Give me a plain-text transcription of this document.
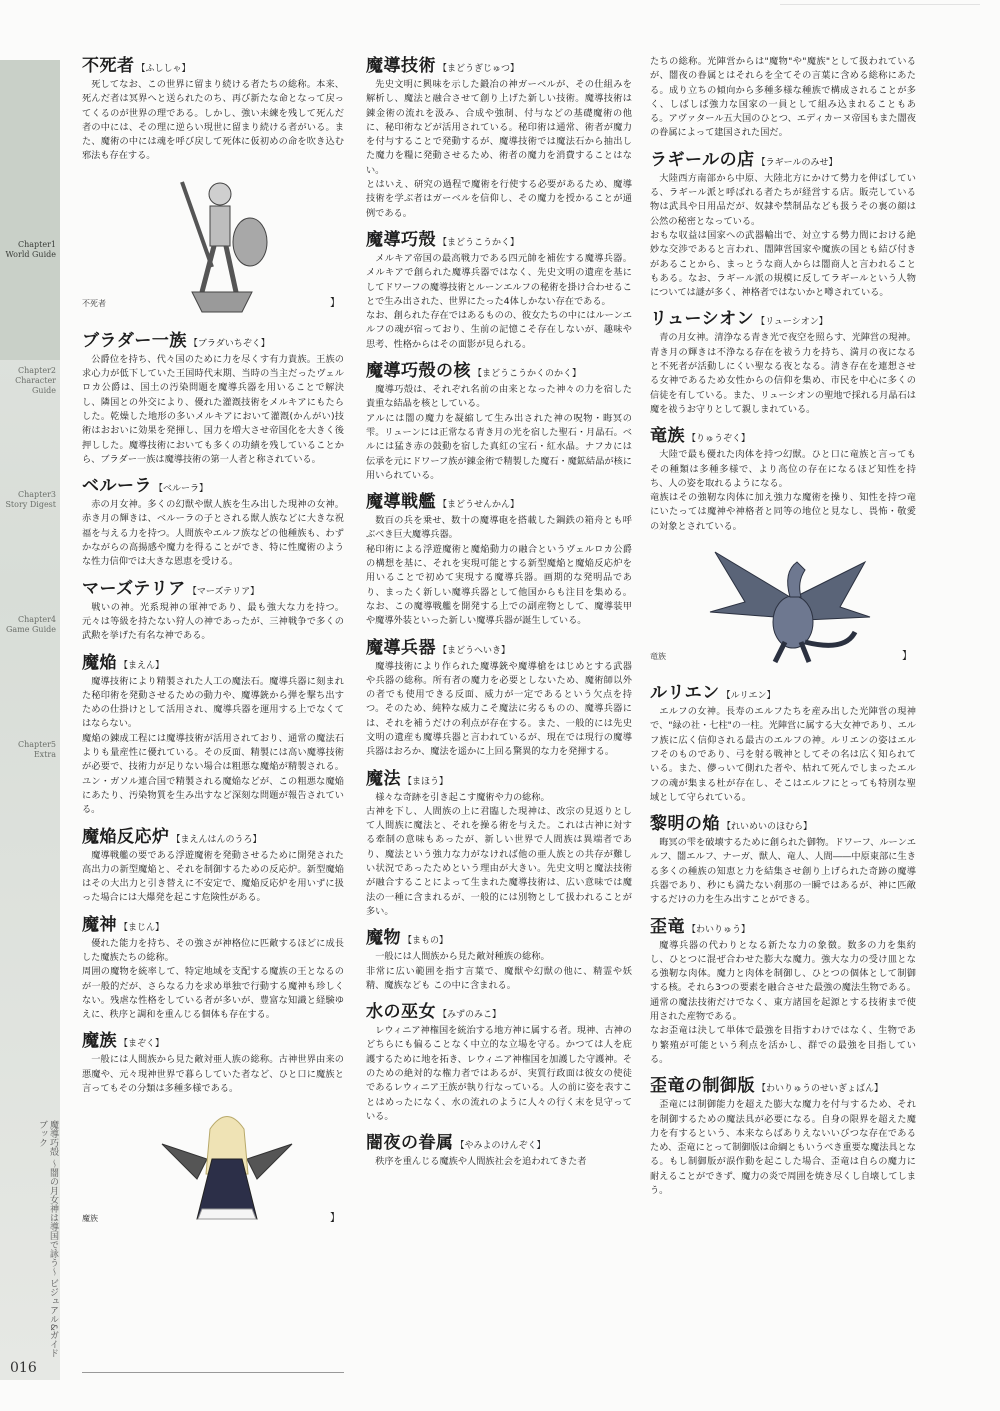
Chapter1
World Guide
Chapter2
Character Guide
Chapter3
Story Digest
Chapter4
Game Guide
Chapter5
Extra
魔導巧殻 〜闇の月女神は導国で詠う〜 ビジュアル&ガイドブック
016
不死者 【ふししゃ】

死してなお、この世界に留まり続ける者たちの総称。本来、死んだ者は冥界へと送られたのち、再び新たな命となって戻ってくるのが世界の理である。しかし、強い未練を残して死んだ者の中には、その理に逆らい現世に留まり続ける者がいる。また、魔術の中には魂を呼び戻して死体に仮初めの命を吹き込む邪法も存在する。

不死者	】
ブラダー一族 【ブラダいちぞく】

公爵位を持ち、代々国のために力を尽くす有力貴族。王族の求心力が低下していた王国時代末期、当時の当主だったヴェルロカ公爵は、国土の汚染問題を魔導兵器を用いることで解決し、隣国との外交により、優れた灌漑技術をメルキアにもたらした。乾燥した地形の多いメルキアにおいて灌漑(かんがい)技術はおおいに効果を発揮し、国力を増大させ帝国化を大きく後押しした。魔導技術においても多くの功績を残していることから、ブラダー一族は魔導技術の第一人者と称されている。

ベルーラ 【ベルーラ】

赤の月女神。多くの幻獣や獣人族を生み出した現神の女神。赤き月の輝きは、ベルーラの子とされる獣人族などに大きな祝福を与える力を持つ。人間族やエルフ族などの他種族も、わずかながらの高揚感や魔力を得ることができ、特に性魔術のような性力信仰では大きな恩恵を受ける。

マーズテリア 【マーズテリア】

戦いの神。光系現神の軍神であり、最も強大な力を持つ。元々は等級を持たない狩人の神であったが、三神戦争で多くの武勲を挙げた有名な神である。

魔焔 【まえん】

魔導技術により精製された人工の魔法石。魔導兵器に刻まれた秘印術を発動させるための動力や、魔導銃から弾を撃ち出すための仕掛けとして活用され、魔導兵器を運用する上でなくてはならない。
魔焔の錬成工程には魔導技術が活用されており、通常の魔法石よりも量産性に優れている。その反面、精製には高い魔導技術が必要で、技術力が足りない場合は粗悪な魔焔が精製される。ユン・ガソル連合国で精製される魔焔などが、この粗悪な魔焔にあたり、汚染物質を生み出すなど深刻な問題が報告されている。

魔焔反応炉 【まえんはんのうろ】

魔導戦艦の要である浮遊魔術を発動させるために開発された高出力の新型魔焔と、それを制御するための反応炉。新型魔焔はその大出力と引き替えに不安定で、魔焔反応炉を用いずに扱った場合には大爆発を起こす危険性がある。

魔神 【まじん】

優れた能力を持ち、その強さが神格位に匹敵するほどに成長した魔族たちの総称。
周囲の魔物を統率して、特定地域を支配する魔族の王となるのが一般的だが、さらなる力を求め単独で行動する魔神も珍しくない。残虐な性格をしている者が多いが、豊富な知識と経験ゆえに、秩序と調和を重んじる個体も存在する。

魔族 【まぞく】

一般には人間族から見た敵対亜人族の総称。古神世界由来の悪魔や、元々現神世界で暮らしていた者など、ひと口に魔族と言ってもその分類は多種多様である。

魔族	】
魔導技術 【まどうぎじゅつ】

先史文明に興味を示した鍛冶の神ガーベルが、その仕組みを解析し、魔法と融合させて創り上げた新しい技術。魔導技術は錬金術の流れを汲み、合成や強制、付与などの基礎魔術の他に、秘印術などが活用されている。秘印術は通常、術者が魔力を付与することで発動するが、魔導技術では魔法石から抽出した魔力を糧に発動させるため、術者の魔力を消費することはない。
とはいえ、研究の過程で魔術を行使する必要があるため、魔導技術を学ぶ者はガーベルを信仰し、その魔力を授かることが通例である。

魔導巧殻 【まどうこうかく】

メルキア帝国の最高戦力である四元帥を補佐する魔導兵器。メルキアで創られた魔導兵器ではなく、先史文明の遺産を基にしてドワーフの魔導技術とルーンエルフの秘術を掛け合わせることで生み出された、世界にたった4体しかない存在である。
なお、創られた存在ではあるものの、彼女たちの中にはルーンエルフの魂が宿っており、生前の記憶こそ存在しないが、趣味や思考、性格からはその面影が見られる。

魔導巧殻の核 【まどうこうかくのかく】

魔導巧殻は、それぞれ名前の由来となった神々の力を宿した貴重な結晶を核としている。
アルには闇の魔力を凝縮して生み出された神の呪物・晦冥の雫。リューンには正常なる青き月の光を宿した聖石・月晶石。ベルには猛き赤の鼓動を宿した真紅の宝石・紅水晶。ナフカには伝承を元にドワーフ族が錬金術で精製した魔石・魔鉱結晶が核に用いられている。

魔導戦艦 【まどうせんかん】

数百の兵を乗せ、数十の魔導砲を搭載した鋼鉄の箱舟とも呼ぶべき巨大魔導兵器。
秘印術による浮遊魔術と魔焔動力の融合というヴェルロカ公爵の構想を基に、それを実現可能とする新型魔焔と魔焔反応炉を用いることで初めて実現する魔導兵器。画期的な発明品であり、まったく新しい魔導兵器として他国からも注目を集める。なお、この魔導戦艦を開発する上での副産物として、魔導装甲や魔導外装といった新しい魔導兵器が誕生している。

魔導兵器 【まどうへいき】

魔導技術により作られた魔導銃や魔導槍をはじめとする武器や兵器の総称。所有者の魔力を必要としないため、魔術師以外の者でも使用できる反面、威力が一定であるという欠点を持つ。そのため、純粋な威力こそ魔法に劣るものの、魔導兵器には、それを補うだけの利点が存在する。また、一般的には先史文明の遺産も魔導兵器と言われているが、現在では現行の魔導兵器はおろか、魔法を遥かに上回る驚異的な力を発揮する。

魔法 【まほう】

様々な奇跡を引き起こす魔術や力の総称。
古神を下し、人間族の上に君臨した現神は、改宗の見返りとして人間族に魔法と、それを操る術を与えた。これは古神に対する牽制の意味もあったが、新しい世界で人間族は異端者であり、魔法という強力な力がなければ他の亜人族との共存が難しい状況であったためという理由が大きい。先史文明と魔法技術が融合することによって生まれた魔導技術は、広い意味では魔法の一種に含まれるが、一般的には別物として扱われることが多い。

魔物 【まもの】

一般には人間族から見た敵対種族の総称。
非常に広い範囲を指す言葉で、魔獣や幻獣の他に、精霊や妖精、魔族なども この中に含まれる。

水の巫女 【みずのみこ】

レウィニア神権国を統治する地方神に属する者。現神、古神のどちらにも偏ることなく中立的な立場を守る。かつては人を庇護するために地を拓き、レウィニア神権国を加護した守護神。そのための絶対的な権力者ではあるが、実質行政面は彼女の使徒であるレウィニア王族が執り行なっている。人の前に姿を表すことはめったになく、水の流れのように人々の行く末を見守っている。

闇夜の眷属 【やみよのけんぞく】

秩序を重んじる魔族や人間族社会を追われてきた者

たちの総称。光陣営からは"魔物"や"魔族"として扱われているが、闇夜の眷属とはそれらを全てその言葉に含める総称にあたる。成り立ちの傾向から多種多様な種族で構成されることが多く、しばしば強力な国家の一員として組み込まれることもある。アヴァタール五大国のひとつ、エディカーヌ帝国もまた闇夜の眷属によって建国された国だ。

ラギールの店 【ラギールのみせ】

大陸西方南部から中原、大陸北方にかけて勢力を伸ばしている、ラギール派と呼ばれる者たちが経営する店。販売している物は武具や日用品だが、奴隷や禁制品なども扱うその裏の顔は公然の秘密となっている。
おもな収益は国家への武器輸出で、対立する勢力間における絶妙な交渉であると言われ、闇陣営国家や魔族の国とも結び付きがあることから、まっとうな商人からは闇商人と言われることもある。なお、ラギール派の規模に反してラギールという人物については謎が多く、神格者ではないかと噂されている。

リューシオン 【リューシオン】

青の月女神。清浄なる青き光で夜空を照らす、光陣営の現神。青き月の輝きは不浄なる存在を祓う力を持ち、満月の夜になると不死者が活動しにくい聖なる夜となる。清き存在を連想させる女神であるため女性からの信仰を集め、市民を中心に多くの信徒を有している。また、リューシオンの聖地で採れる月晶石は魔を祓うお守りとして親しまれている。

竜族 【りゅうぞく】

大陸で最も優れた肉体を持つ幻獣。ひと口に竜族と言ってもその種類は多種多様で、より高位の存在になるほど知性を持ち、人の姿を取れるようになる。
竜族はその強靭な肉体に加え強力な魔術を操り、知性を持つ竜にいたっては魔神や神格者と同等の地位と見なし、畏怖・敬愛の対象とされている。

竜族	】
ルリエン 【ルリエン】

エルフの女神。長寿のエルフたちを産み出した光陣営の現神で、"緑の社・七柱"の一柱。光陣営に属する大女神であり、エルフ族に広く信仰される最古のエルフの神。ルリエンの姿はエルフそのものであり、弓を射る戦神としてその名は広く知られている。また、儚っいて側れた者や、枯れて死んでしまったエルフの魂が集まる杜が存在し、そこはエルフにとっても特別な聖域として守られている。

黎明の焔 【れいめいのほむら】

晦冥の雫を破壊するために創られた御物。ドワーフ、ルーンエルフ、闇エルフ、ナーガ、獣人、竜人、人間――中原東部に生きる多くの種族の知恵と力を結集させ創り上げられた奇跡の魔導兵器であり、秒にも満たない刹那の一瞬ではあるが、神に匹敵するだけの力を生み出すことができる。

歪竜 【わいりゅう】

魔導兵器の代わりとなる新たな力の象徴。数多の力を集約し、ひとつに混ぜ合わせた膨大な魔力。強大な力の受け皿となる強靭な肉体。魔力と肉体を制御し、ひとつの個体として制御する核。それら3つの要素を融合させた最強の魔法生物である。通常の魔法技術だけでなく、東方諸国を起源とする技術まで使用された産物である。
なお歪竜は決して単体で最強を目指すわけではなく、生物であり繁殖が可能という利点を活かし、群での最強を目指している。

歪竜の制御版 【わいりゅうのせいぎょばん】

歪竜には制御能力を超えた膨大な魔力を付与するため、それを制御するための魔法具が必要になる。自身の限界を超えた魔力を有するという、本来ならばありえないいびつな存在であるため、歪竜にとって制御版は命綱ともいうべき重要な魔法具となる。もし制御版が誤作動を起こした場合、歪竜は自らの魔力に耐えることができず、魔力の炎で周囲を焼き尽くし自壊してしまう。
